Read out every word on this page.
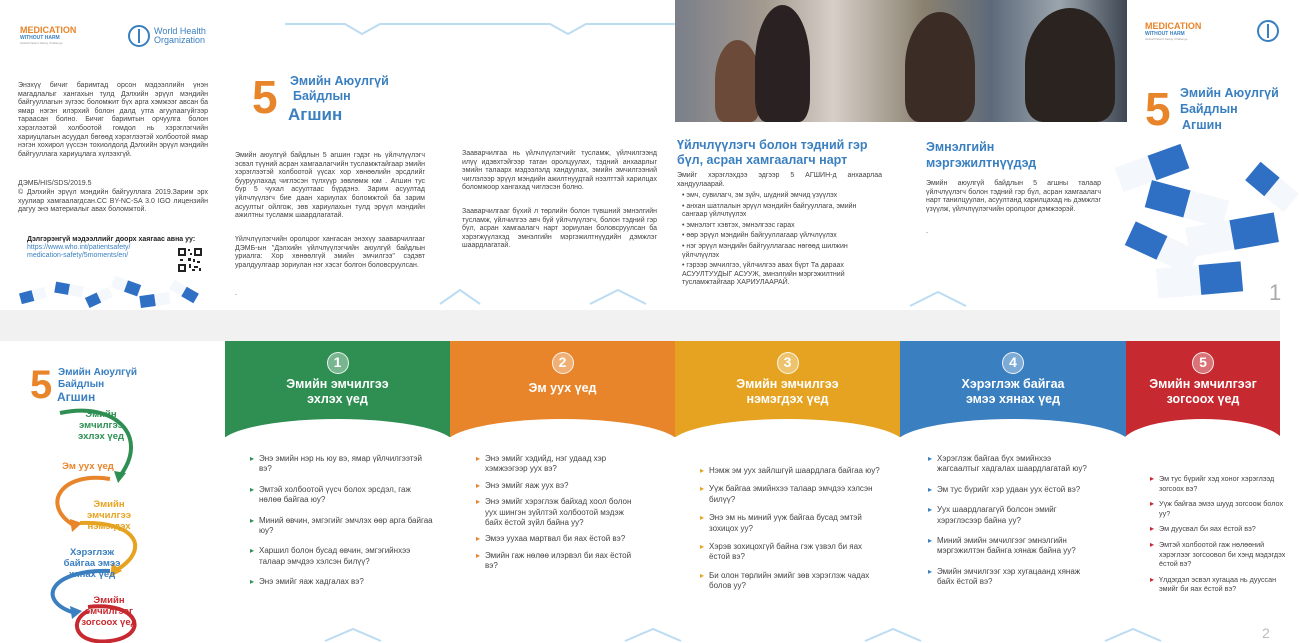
MEDICATION
WITHOUT HARM
Global Patient Safety Challenge
World Health
Organization
Энэхүү бичиг баримтад орсон мэдээллийн үнэн магадлалыг хангахын тулд Дэлхийн эрүүл мэндийн байгууллагын зүгээс боломжит бүх арга хэмжээг авсан ба ямар нэгэн илэрхий болон далд утга агуулаагүйгээр тараасан болно. Бичиг баримтын орчуулга болон хэрэглээтэй холбоотой гомдол нь хэрэглэгчийн хариуцлагын асуудал бөгөөд хэрэглээтэй холбоотой ямар нэгэн хохирол үүссэн тохиолдолд Дэлхийн эрүүл мэндийн байгууллага хариуцлага хүлээхгүй.
ДЭМБ/HIS/SDS/2019.5
© Дэлхийн эрүүл мэндийн байгууллага 2019.Зарим эрх хуулиар хамгаалагдсан.CC BY-NC-SA 3.0 IGO лицензийн дагуу энэ материалыг авах боломжтой.
Дэлгэрэнгүй мэдээллийг доорх хаягаас авна уу:
https://www.who.int/patientsafety/
medication-safety/5moments/en/
5 Эмийн Аюулгүй
Байдлын
Агшин
Эмийн аюулгүй байдлын 5 агшин гэдэг нь үйлчлүүлэгч эсвэл түүний асран хамгаалагчийн тусламжтайгаар эмийн хэрэглээтэй холбоотой үүсах хор хөнөөлийн эрсдлийг бууруулахад чиглэсэн түлхүүр зөвлөмж юм . Агшин тус бүр 5 чухал асуултаас бүрдэнэ. Зарим асуултад үйлчлүүлэгч бие даан хариулах боломжтой ба зарим асуултыг ойлгож, зөв хариулахын тулд эрүүл мэндийн ажилтны тусламж шаардлагатай.
Үйлчлүүлэгчийн оролцоог хангасан энэхүү зааварчилгааг ДЭМБ-ын "Дэлхийн үйлчлүүлэгчийн аюулгүй байдлын уриалга: Хор хөнөөлгүй эмийн эмчилгээ" сэдэвт уралдуулгаар зориулан нэг хэсэг болгон боловсруулсан.
.
Зааварчилгаа нь үйлчлүүлэгчийг тусламж, үйлчилгээнд илүү идэвхтэйгээр татан оролцуулах, тэдний анхаарлыг эмийн талаарх мэдээлэлд хандуулах, эмийн эмчилгээний чиглэлээр эрүүл мэндийн ажилтнуудтай нээлттэй харилцах боломжоор хангахад чиглэсэн болно.
Зааварчилгааг бүхий л төрлийн болон түвшний эмнэлгийн тусламж, үйлчилгээ авч буй үйлчлүүлэгч, болон тэдний гэр бүл, асран хамгаалагч нарт зориулан боловсруулсан ба хэрэгжүүлэхэд эмнэлгийн мэргэжилтнүүдийн дэмжлэг шаардлагатай.
Үйлчлүүлэгч болон тэдний гэр бүл, асран хамгаалагч нарт
Эмийг хэрэглэхдээ эдгээр 5 АГШИН-д анхаарлаа хандуулаарай.
• эмч, сувилагч, эм зүйч, шүдний эмчид үзүүлэх
• анхан шатлалын эрүүл мэндийн байгууллага, эмийн сангаар үйлчлүүлэх
• эмнэлэгт хэвтэх, эмнэлгээс гарах
• өөр эрүүл мэндийн байгууллагаар үйлчлүүлэх
• нэг эрүүл мэндийн байгууллагаас нөгөөд шилжин үйлчлүүлэх
• гэрээр эмчилгээ, үйлчилгээ авах бүрт Та дараах АСУУЛТУУДЫГ АСУУЖ, эмнэлгийн мэргэжилтний тусламжтайгаар ХАРИУЛААРАЙ.
Эмнэлгийн
мэргэжилтнүүдэд
Эмийн аюулгүй байдлын 5 агшны талаар үйлчлүүлэгч болон тэдний гэр бүл, асран хамгаалагч нарт танилцуулан, асуултанд харилцахад нь дэмжлэг үзүүлж, үйлчлүүлэгчийн оролцоог дэмжээрэй.
.
MEDICATION
WITHOUT HARM
Global Patient Safety Challenge
5 Эмийн Аюулгүй
Байдлын
Агшин
1
5 Эмийн Аюулгүй
Байдлын
Агшин
Эмийн эмчилгээ эхлэх үед
Эм уух үед
Эмийн эмчилгээ нэмэгдэх
Хэрэглэж байгаа эмээ хянах үед
Эмийн эмчилгээг зогсоох үед
1
Эмийн эмчилгээ
эхлэх үед
2
Эм уух үед
3
Эмийн эмчилгээ
нэмэгдэх үед
4
Хэрэглэж байгаа
эмээ хянах үед
5
Эмийн эмчилгээг
зогсоох үед
▸ Энэ эмийн нэр нь юу вэ, ямар үйлчилгээтэй вэ?
▸ Эмтэй холбоотой үүсч болох эрсдэл, гаж нөлөө байгаа юу?
▸ Миний өвчин, эмгэгийг эмчлэх өөр арга байгаа юу?
▸ Харшил болон бусад өвчин, эмгэгийнхээ талаар эмчдээ хэлсэн билүү?
▸ Энэ эмийг яаж хадгалах вэ?
▸ Энэ эмийг хэдийд, нэг удаад хэр хэмжээгээр уух вэ?
▸ Энэ эмийг яаж уух вэ?
▸ Энэ эмийг хэрэглэж байхад хоол болон уух шингэн зүйлтэй холбоотой мэдэж байх ёстой зүйл байна уу?
▸ Эмээ уухаа мартвал би яах ёстой вэ?
▸ Эмийн гаж нөлөө илэрвэл би яах ёстой вэ?
▸ Нэмж эм уух зайлшгүй шаардлага байгаа юу?
▸ Уүж байгаа эмийнхээ талаар эмчдээ хэлсэн билүү?
▸ Энэ эм нь миний уүж байгаа бусад эмтэй зохицох уу?
▸ Хэрэв зохицохгүй байна гэж үзвэл би яах ёстой вэ?
▸ Би олон төрлийн эмийг зөв хэрэглэж чадах болов уу?
▸ Хэрэглэж байгаа бүх эмийнхээ жагсаалтыг хадгалах шаардлагатай юу?
▸ Эм тус бүрийг хэр удаан уух ёстой вэ?
▸ Уух шаардлагагүй болсон эмийг хэрэглэсээр байна уу?
▸ Миний эмийн эмчилгээг эмнэлгийн мэргэжилтэн байнга хянаж байна уу?
▸ Эмийн эмчилгээг хэр хугацаанд хянаж байх ёстой вэ?
▸ Эм тус бүрийг хэд хоног хэрэглээд зогсоох вэ?
▸ Уүж байгаа эмээ шууд зогсоож болох уу?
▸ Эм дуусвал би яах ёстой вэ?
▸ Эмтэй холбоотой гаж нөлөөний хэрэглээг зогсоовол би хэнд мэдэгдэх ёстой вэ?
▸ Үлдэгдэл эсвэл хугацаа нь дууссан эмийг би яах ёстой вэ?
2
